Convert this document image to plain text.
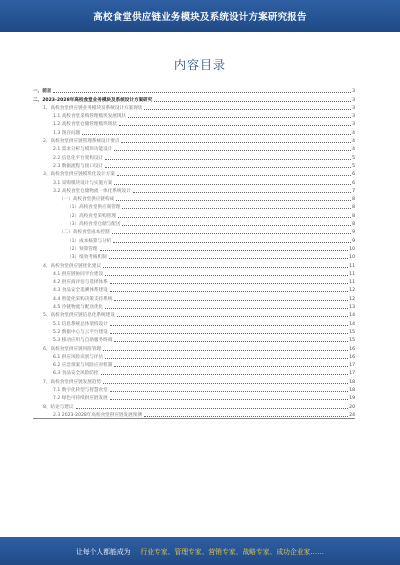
高校食堂供应链业务模块及系统设计方案研究报告
内容目录
一、前言	3
二、2023-2028年高校食堂业务模块及系统设计方案研究	3
1、高校食堂供应链业务模块及系统设计方案现状	3
1.1 高校食堂采购管理模块发展现状	3
1.2 高校食堂仓储管理模块现状	3
1.3 现存问题	4
2、高校食堂供应链管理系统设计要点	4
2.1 需求分析与模块功能设计	4
2.2 信息化平台架构设计	5
2.3 数据流程与接口设计	5
3、高校食堂供应链模块化设计方案	6
3.1 采购模块设计与实施方案	6
3.2 高校食堂仓储物流一体化系统设计	7
（一）高校食堂供应链构成	8
（1）高校食堂供应商管理	8
（2）高校食堂采购管理	8
（3）高校食堂仓储与配送	8
（二）高校食堂成本控制	9
（1）成本核算与分析	9
（2）预算管理	10
（3）绩效考核机制	10
4、高校食堂供应链优化建议	11
4.1 供应链协同平台建设	11
4.2 供应商评估与选择体系	11
4.3 食品安全追溯体系建设	12
4.4 智能化采购决策支持系统	12
4.5 冷链物流与配送优化	13
5、高校食堂供应链信息化系统建设	14
5.1 信息系统总体架构设计	14
5.2 数据中心与云平台建设	15
5.3 移动应用与自助服务终端	15
6、高校食堂供应链风险管理	16
6.1 供应风险识别与评估	16
6.2 应急预案与风险应对机制	17
6.3 食品安全风险防控	17
7、高校食堂供应链发展趋势	18
7.1 数字化转型与智慧食堂	18
7.2 绿色可持续供应链发展	19
8、结论与建议	20
2.3 2023-2028年高校食堂供应链发展预测	24
让每个人都能成为 行业专家、管理专家、营销专家、战略专家、成功企业家……
